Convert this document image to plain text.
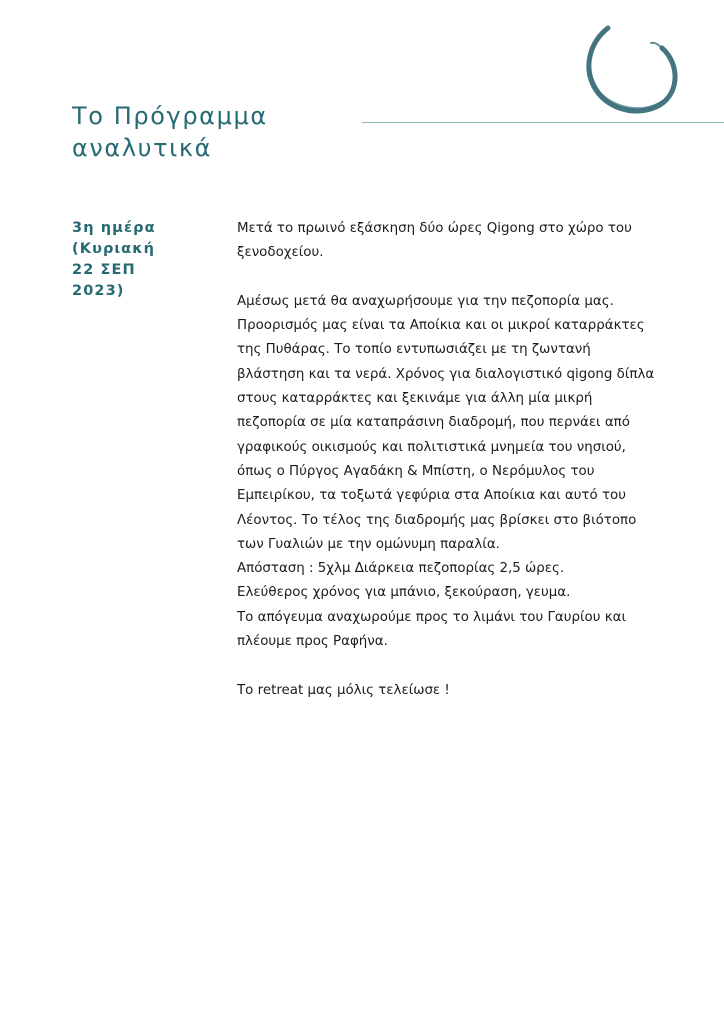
Το Πρόγραμμα
αναλυτικά
3η ημέρα
(Κυριακή
22 ΣΕΠ
2023)
Μετά το πρωινό εξάσκηση δύο ώρες Qigong στο χώρο του
ξενοδοχείου.
Αμέσως μετά θα αναχωρήσουμε για την πεζοπορία μας.
Προορισμός μας είναι τα Αποίκια και οι μικροί καταρράκτες
της Πυθάρας. Το τοπίο εντυπωσιάζει με τη ζωντανή
βλάστηση και τα νερά. Χρόνος για διαλογιστικό qigong δίπλα
στους καταρράκτες και ξεκινάμε για άλλη μία μικρή
πεζοπορία σε μία καταπράσινη διαδρομή, που περνάει από
γραφικούς οικισμούς και πολιτιστικά μνημεία του νησιού,
όπως ο Πύργος Αγαδάκη & Μπίστη, ο Νερόμυλος του
Εμπειρίκου, τα τοξωτά γεφύρια στα Αποίκια και αυτό του
Λέοντος. Το τέλος της διαδρομής μας βρίσκει στο βιότοπο
των Γυαλιών με την ομώνυμη παραλία.
Απόσταση : 5χλμ Διάρκεια πεζοπορίας 2,5 ώρες.
Ελεύθερος χρόνος για μπάνιο, ξεκούραση, γευμα.
Το απόγευμα αναχωρούμε προς το λιμάνι του Γαυρίου και
πλέουμε προς Ραφήνα.
Το retreat μας μόλις τελείωσε !
